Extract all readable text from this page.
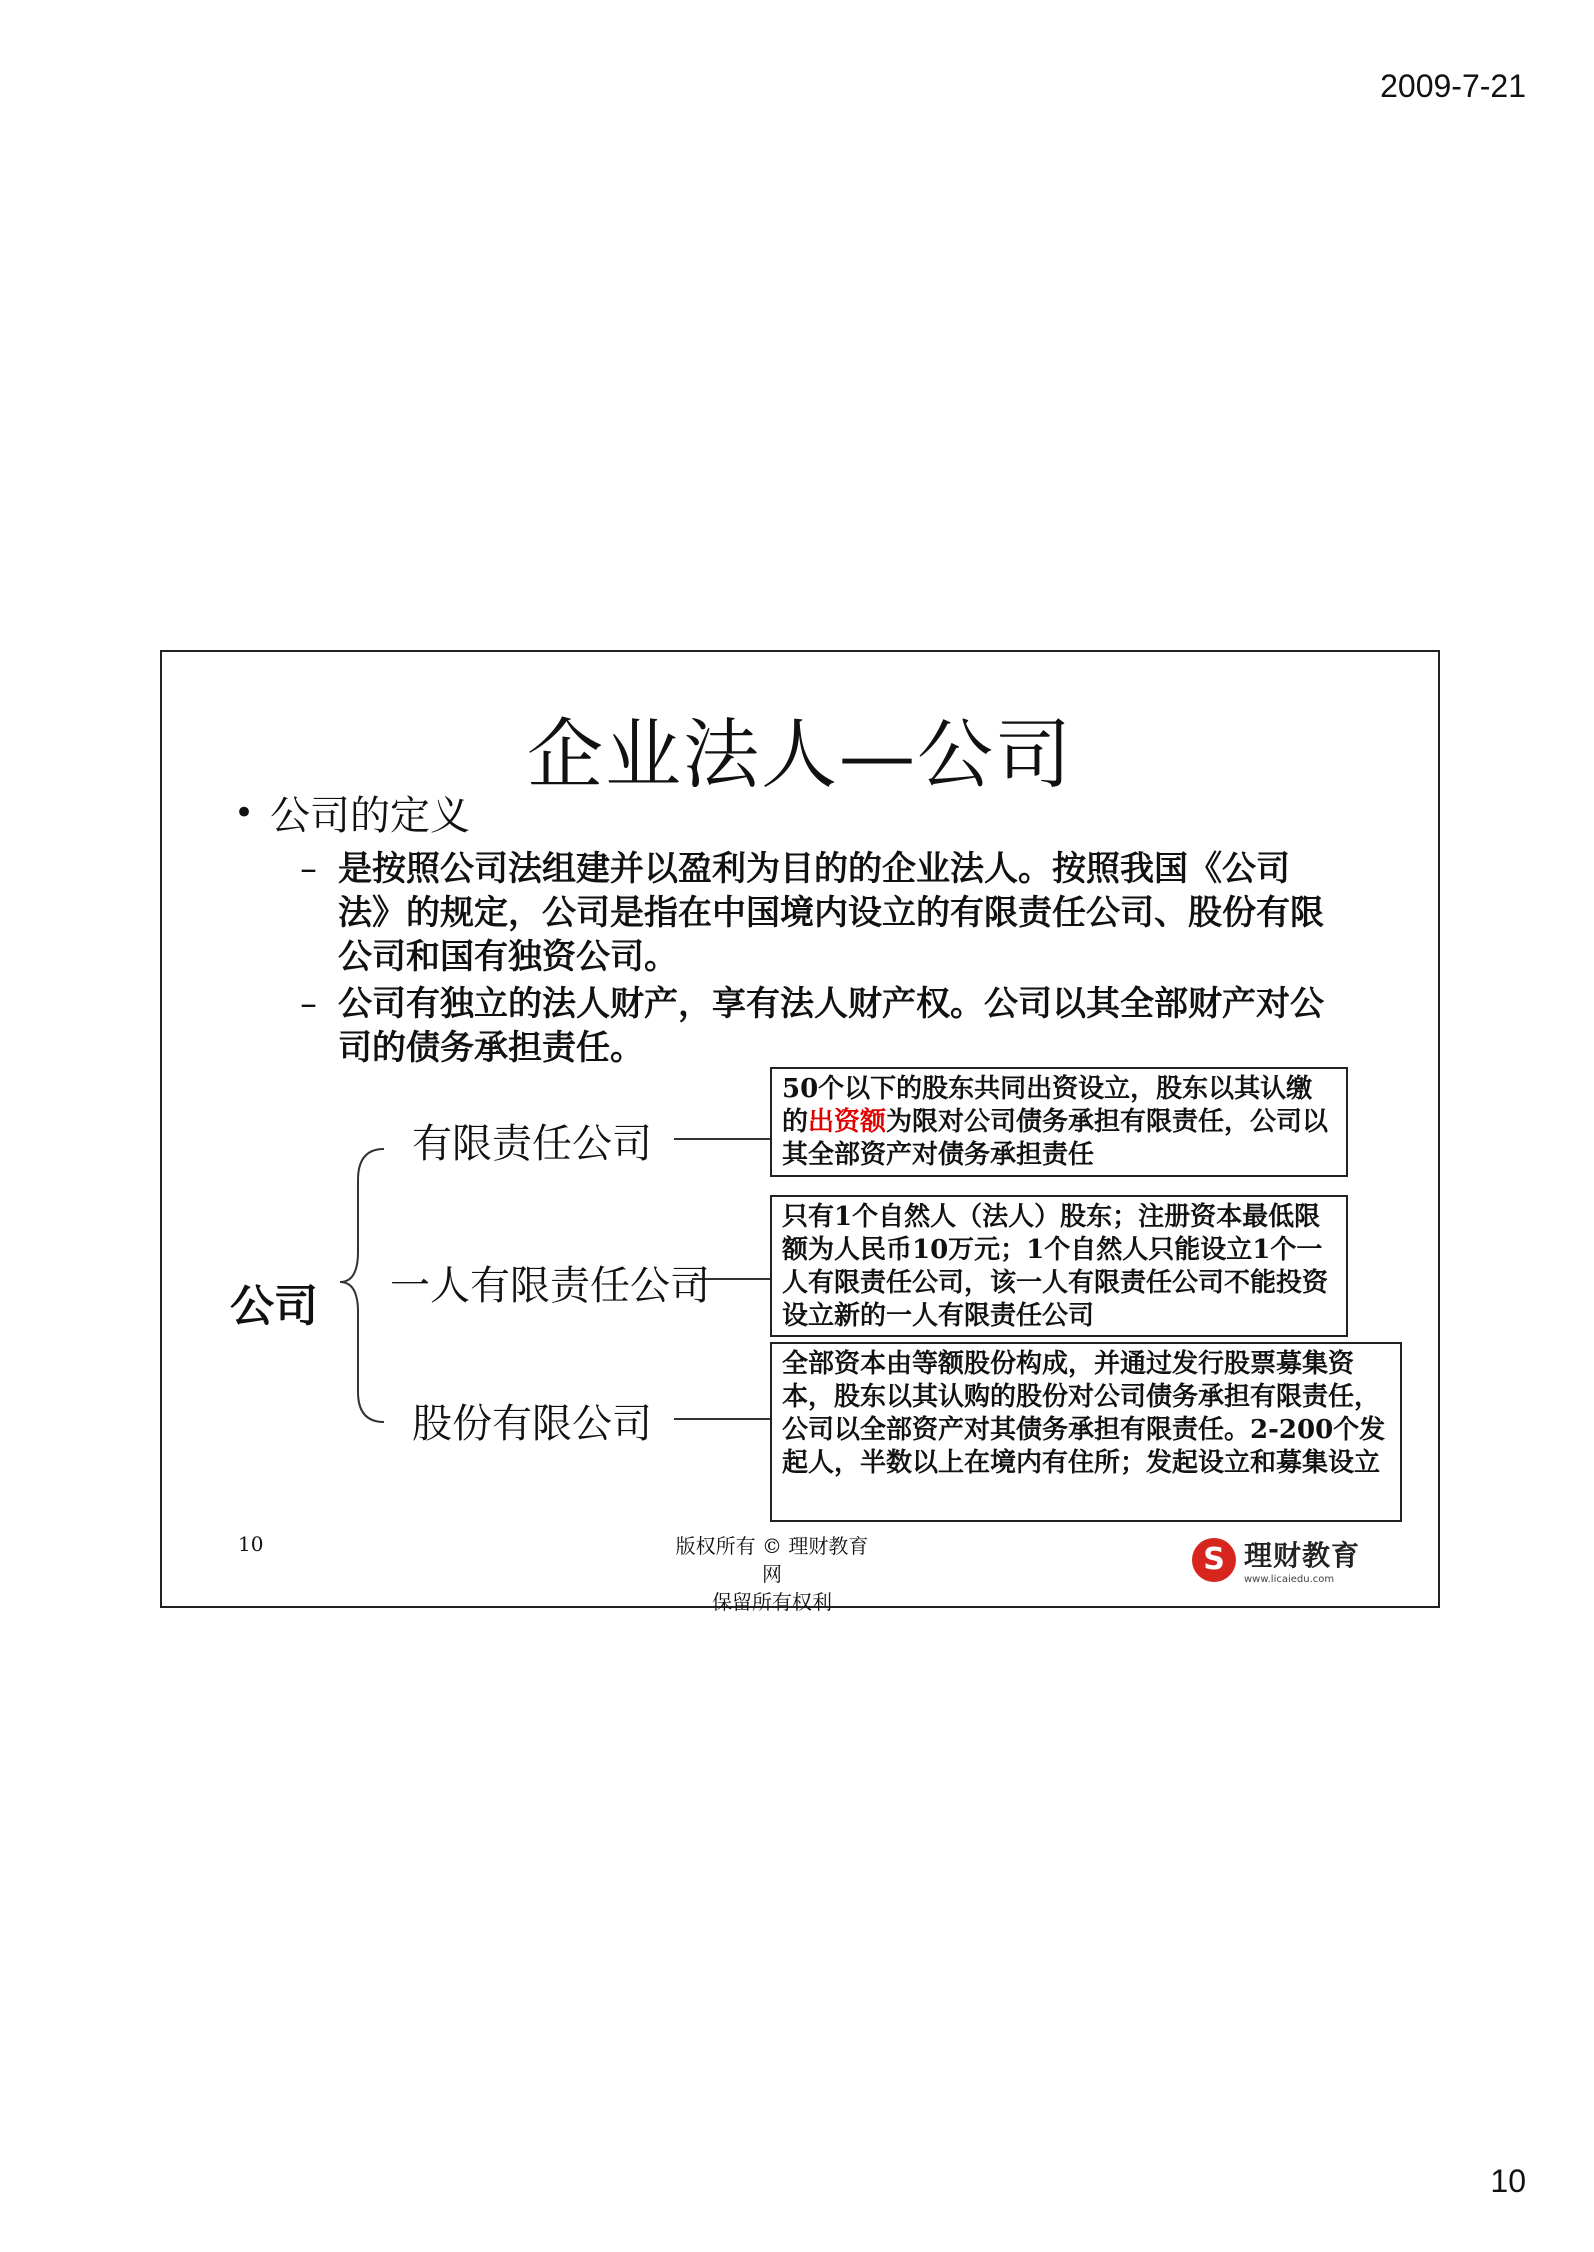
2009-7-21
企业法人—公司
• 公司的定义
– 是按照公司法组建并以盈利为目的的企业法人。按照我国《公司法》的规定，公司是指在中国境内设立的有限责任公司、股份有限公司和国有独资公司。
– 公司有独立的法人财产，享有法人财产权。公司以其全部财产对公司的债务承担责任。
公司
有限责任公司
一人有限责任公司
股份有限公司
50个以下的股东共同出资设立，股东以其认缴的出资额为限对公司债务承担有限责任，公司以其全部资产对债务承担责任
只有1个自然人（法人）股东；注册资本最低限额为人民币10万元；1个自然人只能设立1个一人有限责任公司，该一人有限责任公司不能投资设立新的一人有限责任公司
全部资本由等额股份构成，并通过发行股票募集资本，股东以其认购的股份对公司债务承担有限责任，公司以全部资产对其债务承担有限责任。2-200个发起人，半数以上在境内有住所；发起设立和募集设立
10	版权所有 © 理财教育网
保留所有权利
S 理财教育
www.licaiedu.com
10
